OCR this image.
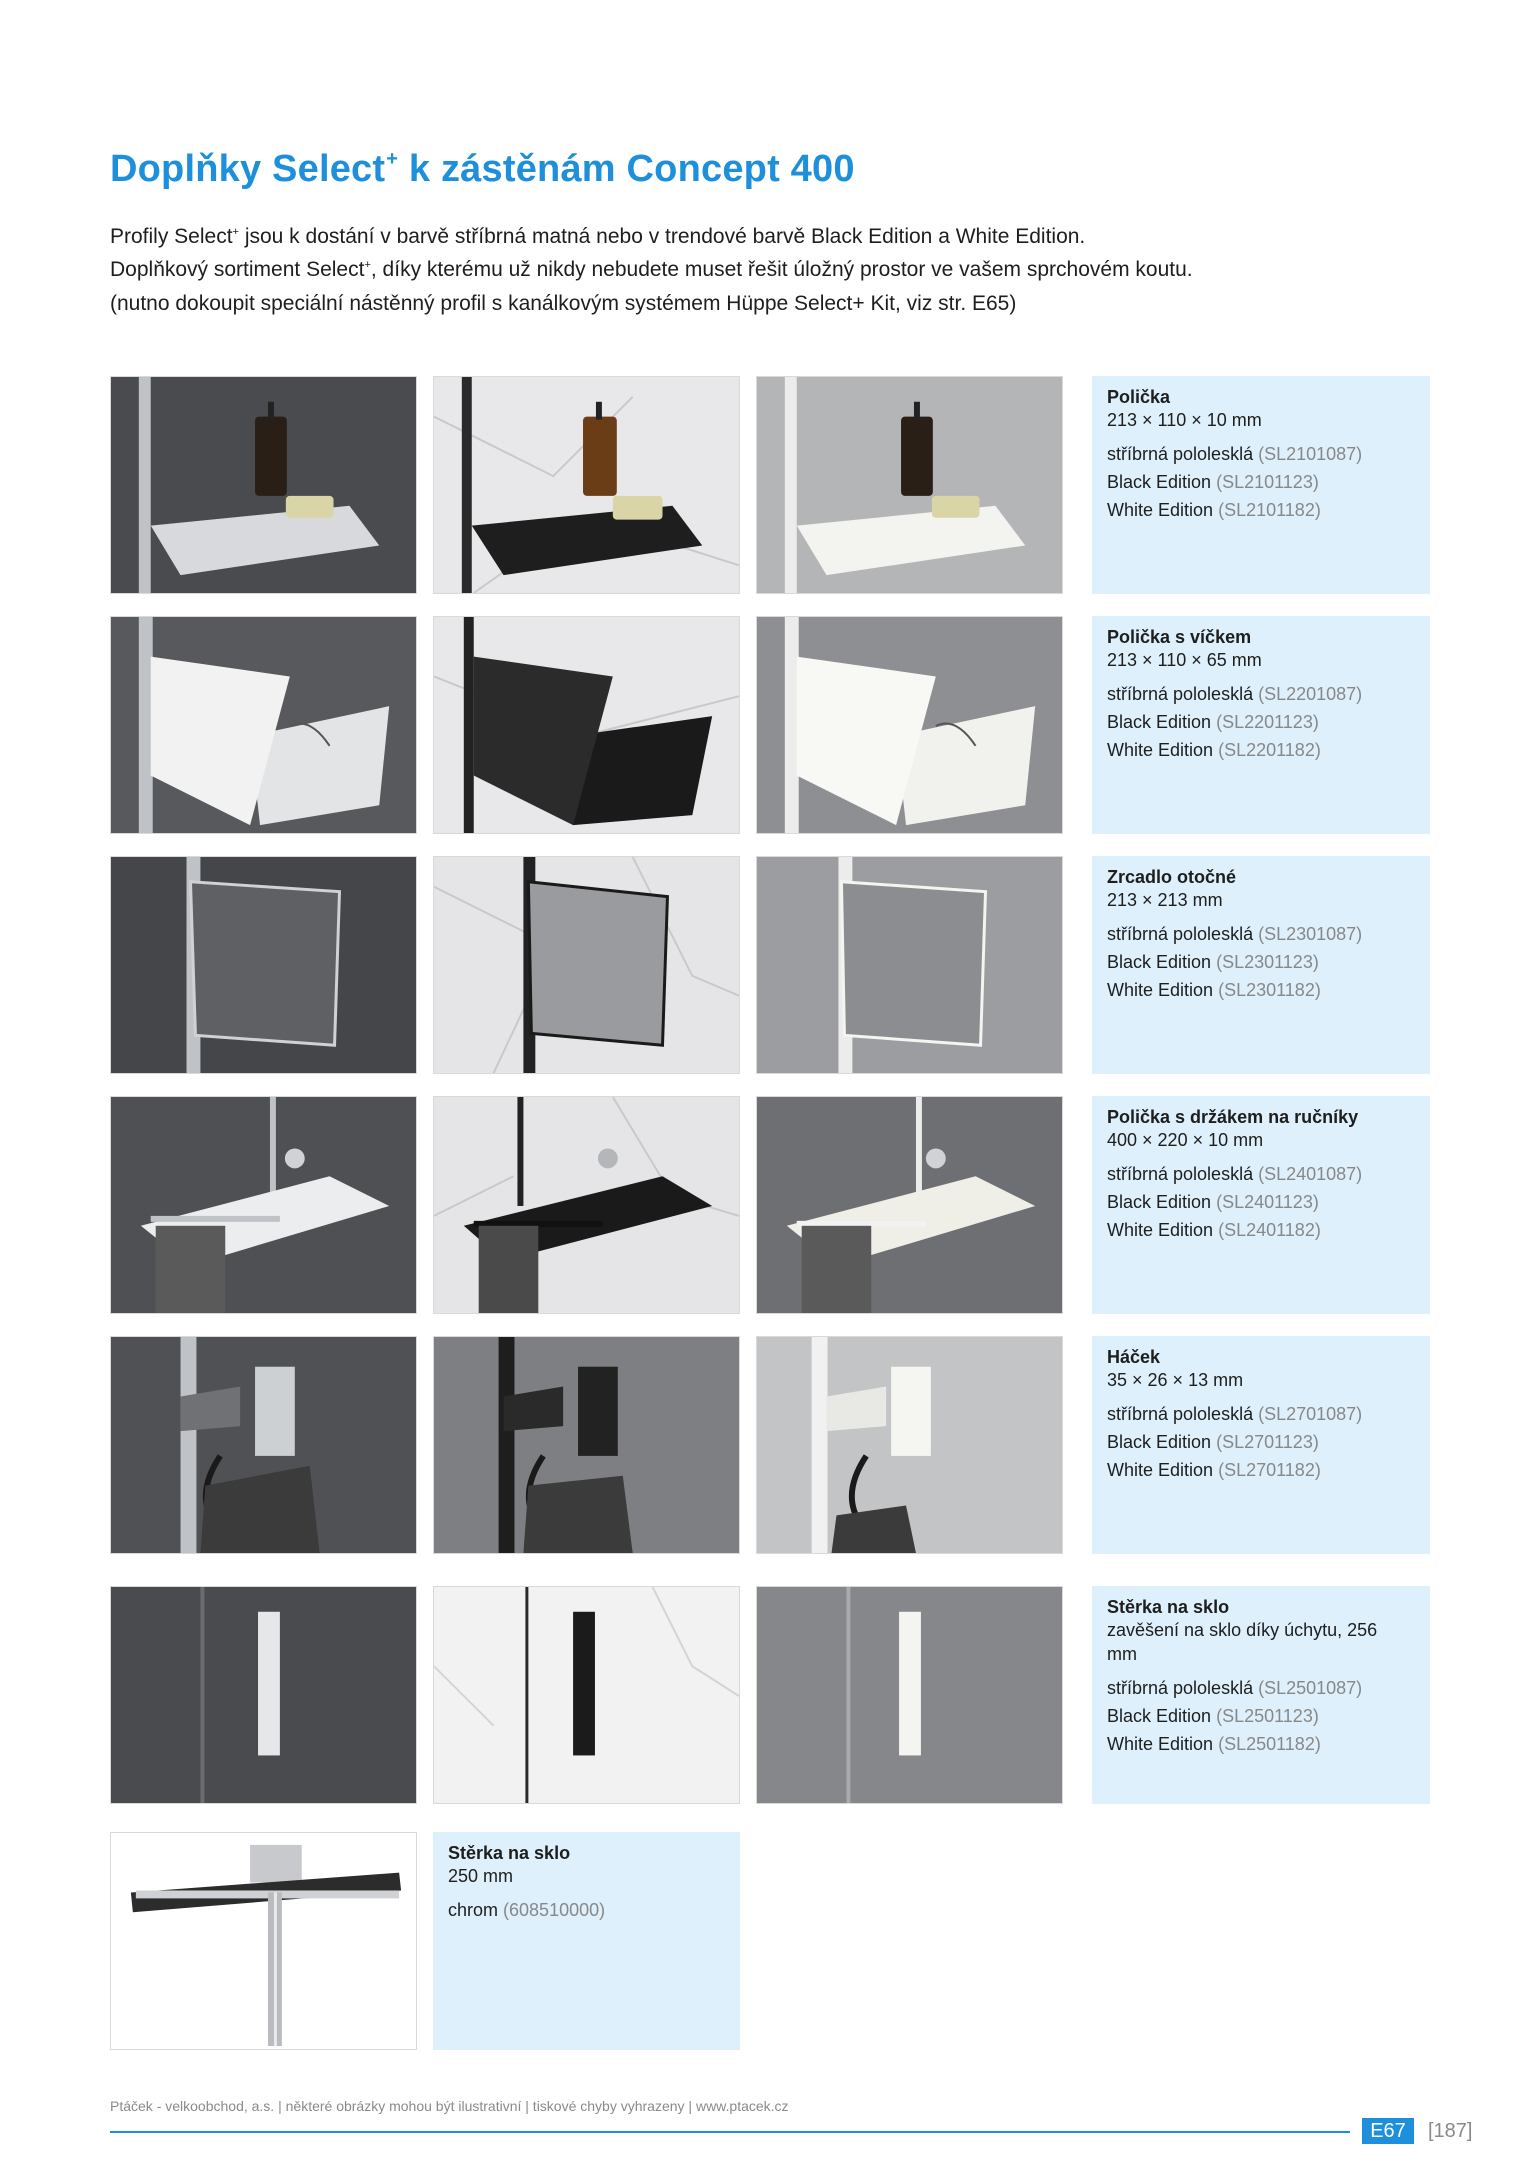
Doplňky Select+ k zástěnám Concept 400
Profily Select+ jsou k dostání v barvě stříbrná matná nebo v trendové barvě Black Edition a White Edition.
Doplňkový sortiment Select+, díky kterému už nikdy nebudete muset řešit úložný prostor ve vašem sprchovém koutu.
(nutno dokoupit speciální nástěnný profil s kanálkovým systémem Hüppe Select+ Kit, viz str. E65)
Polička
213 × 110 × 10 mm
stříbrná pololesklá (SL2101087)
Black Edition (SL2101123)
White Edition (SL2101182)
Polička s víčkem
213 × 110 × 65 mm
stříbrná pololesklá (SL2201087)
Black Edition (SL2201123)
White Edition (SL2201182)
Zrcadlo otočné
213 × 213 mm
stříbrná pololesklá (SL2301087)
Black Edition (SL2301123)
White Edition (SL2301182)
Polička s držákem na ručníky
400 × 220 × 10 mm
stříbrná pololesklá (SL2401087)
Black Edition (SL2401123)
White Edition (SL2401182)
Háček
35 × 26 × 13 mm
stříbrná pololesklá (SL2701087)
Black Edition (SL2701123)
White Edition (SL2701182)
Stěrka na sklo
zavěšení na sklo díky úchytu, 256 mm
stříbrná pololesklá (SL2501087)
Black Edition (SL2501123)
White Edition (SL2501182)
Stěrka na sklo
250 mm
chrom (608510000)
Ptáček - velkoobchod, a.s. | některé obrázky mohou být ilustrativní | tiskové chyby vyhrazeny | www.ptacek.cz
E67	[187]
